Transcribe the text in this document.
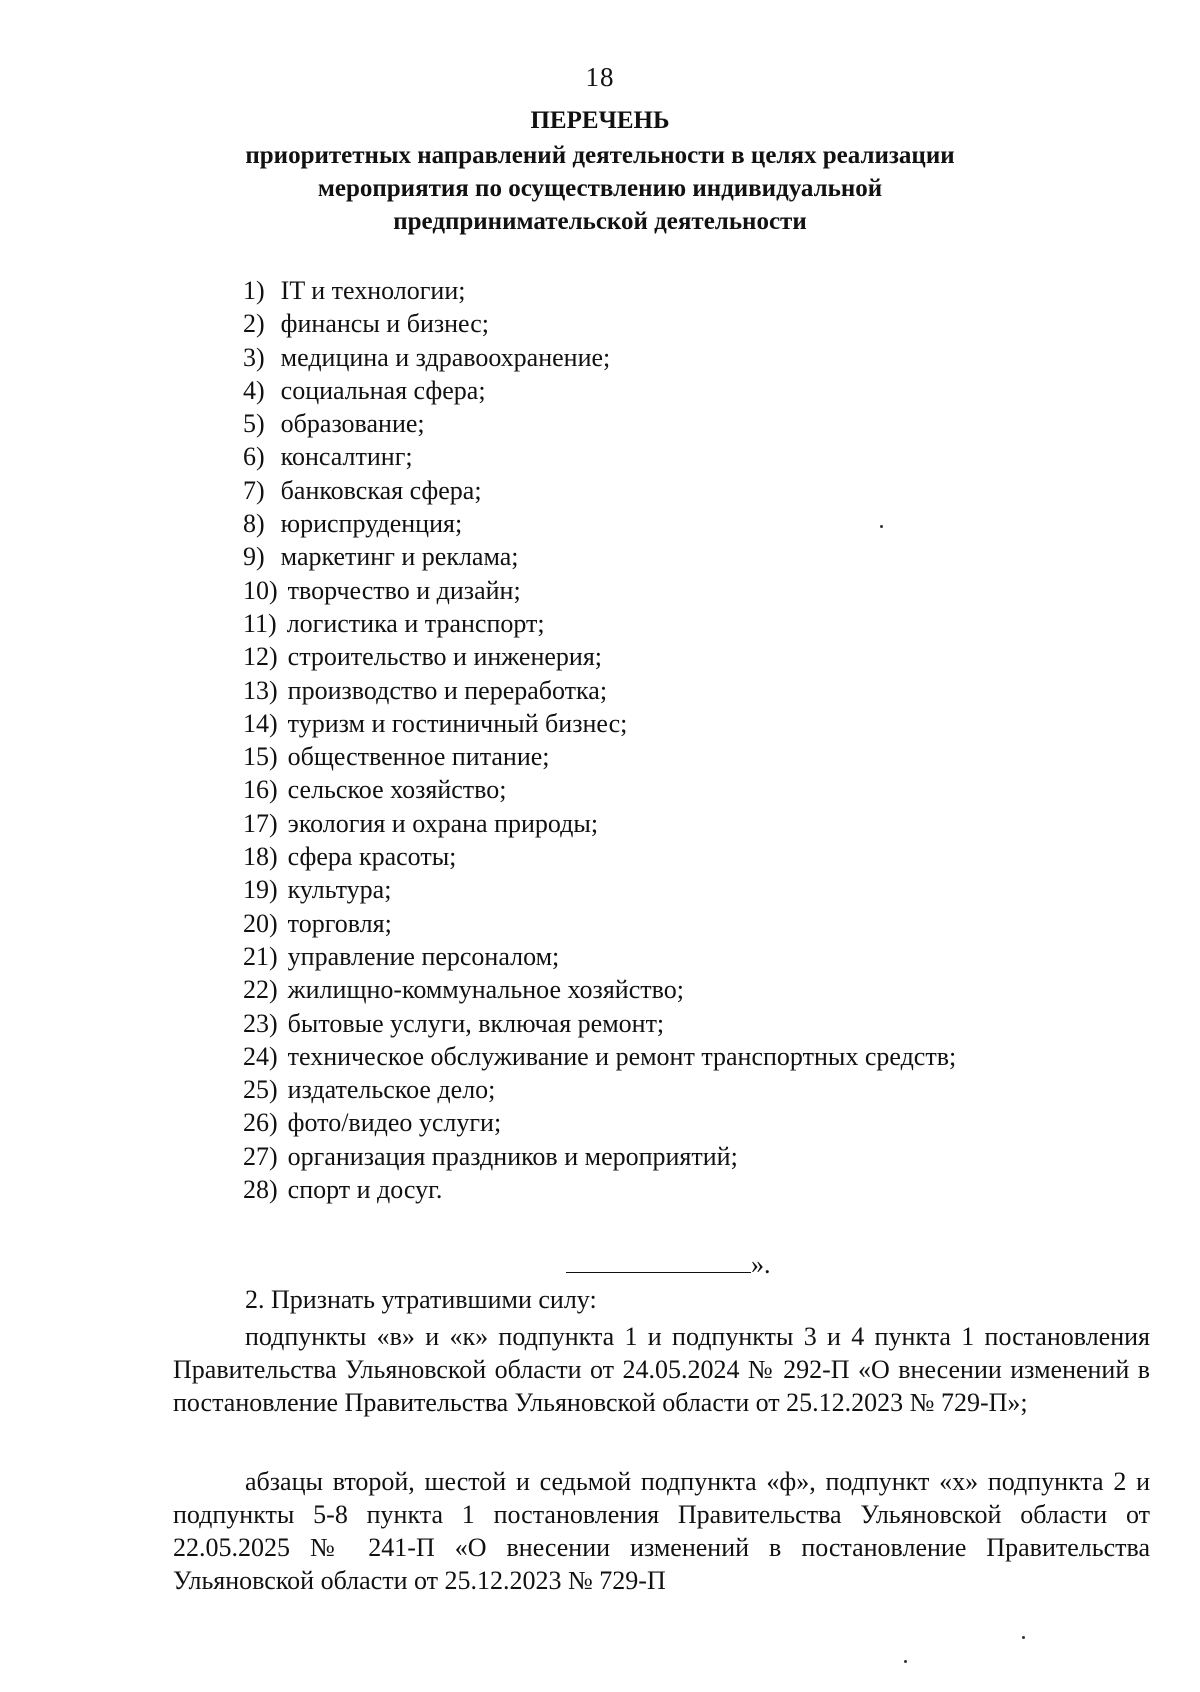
18
ПЕРЕЧЕНЬ
приоритетных направлений деятельности в целях реализации
мероприятия по осуществлению индивидуальной
предпринимательской деятельности
1) IT и технологии;
2) финансы и бизнес;
3) медицина и здравоохранение;
4) социальная сфера;
5) образование;
6) консалтинг;
7) банковская сфера;
8) юриспруденция;
9) маркетинг и реклама;
10) творчество и дизайн;
11) логистика и транспорт;
12) строительство и инженерия;
13) производство и переработка;
14) туризм и гостиничный бизнес;
15) общественное питание;
16) сельское хозяйство;
17) экология и охрана природы;
18) сфера красоты;
19) культура;
20) торговля;
21) управление персоналом;
22) жилищно-коммунальное хозяйство;
23) бытовые услуги, включая ремонт;
24) техническое обслуживание и ремонт транспортных средств;
25) издательское дело;
26) фото/видео услуги;
27) организация праздников и мероприятий;
28) спорт и досуг.
».
2. Признать утратившими силу:
подпункты «в» и «к» подпункта 1 и подпункты 3 и 4 пункта 1 постановления Правительства Ульяновской области от 24.05.2024 № 292-П «О внесении изменений в постановление Правительства Ульяновской области от 25.12.2023 № 729-П»;
абзацы второй, шестой и седьмой подпункта «ф», подпункт «х» подпункта 2 и подпункты 5-8 пункта 1 постановления Правительства Ульяновской области от 22.05.2025 № 241-П «О внесении изменений в постановление Правительства Ульяновской области от 25.12.2023 № 729-П
